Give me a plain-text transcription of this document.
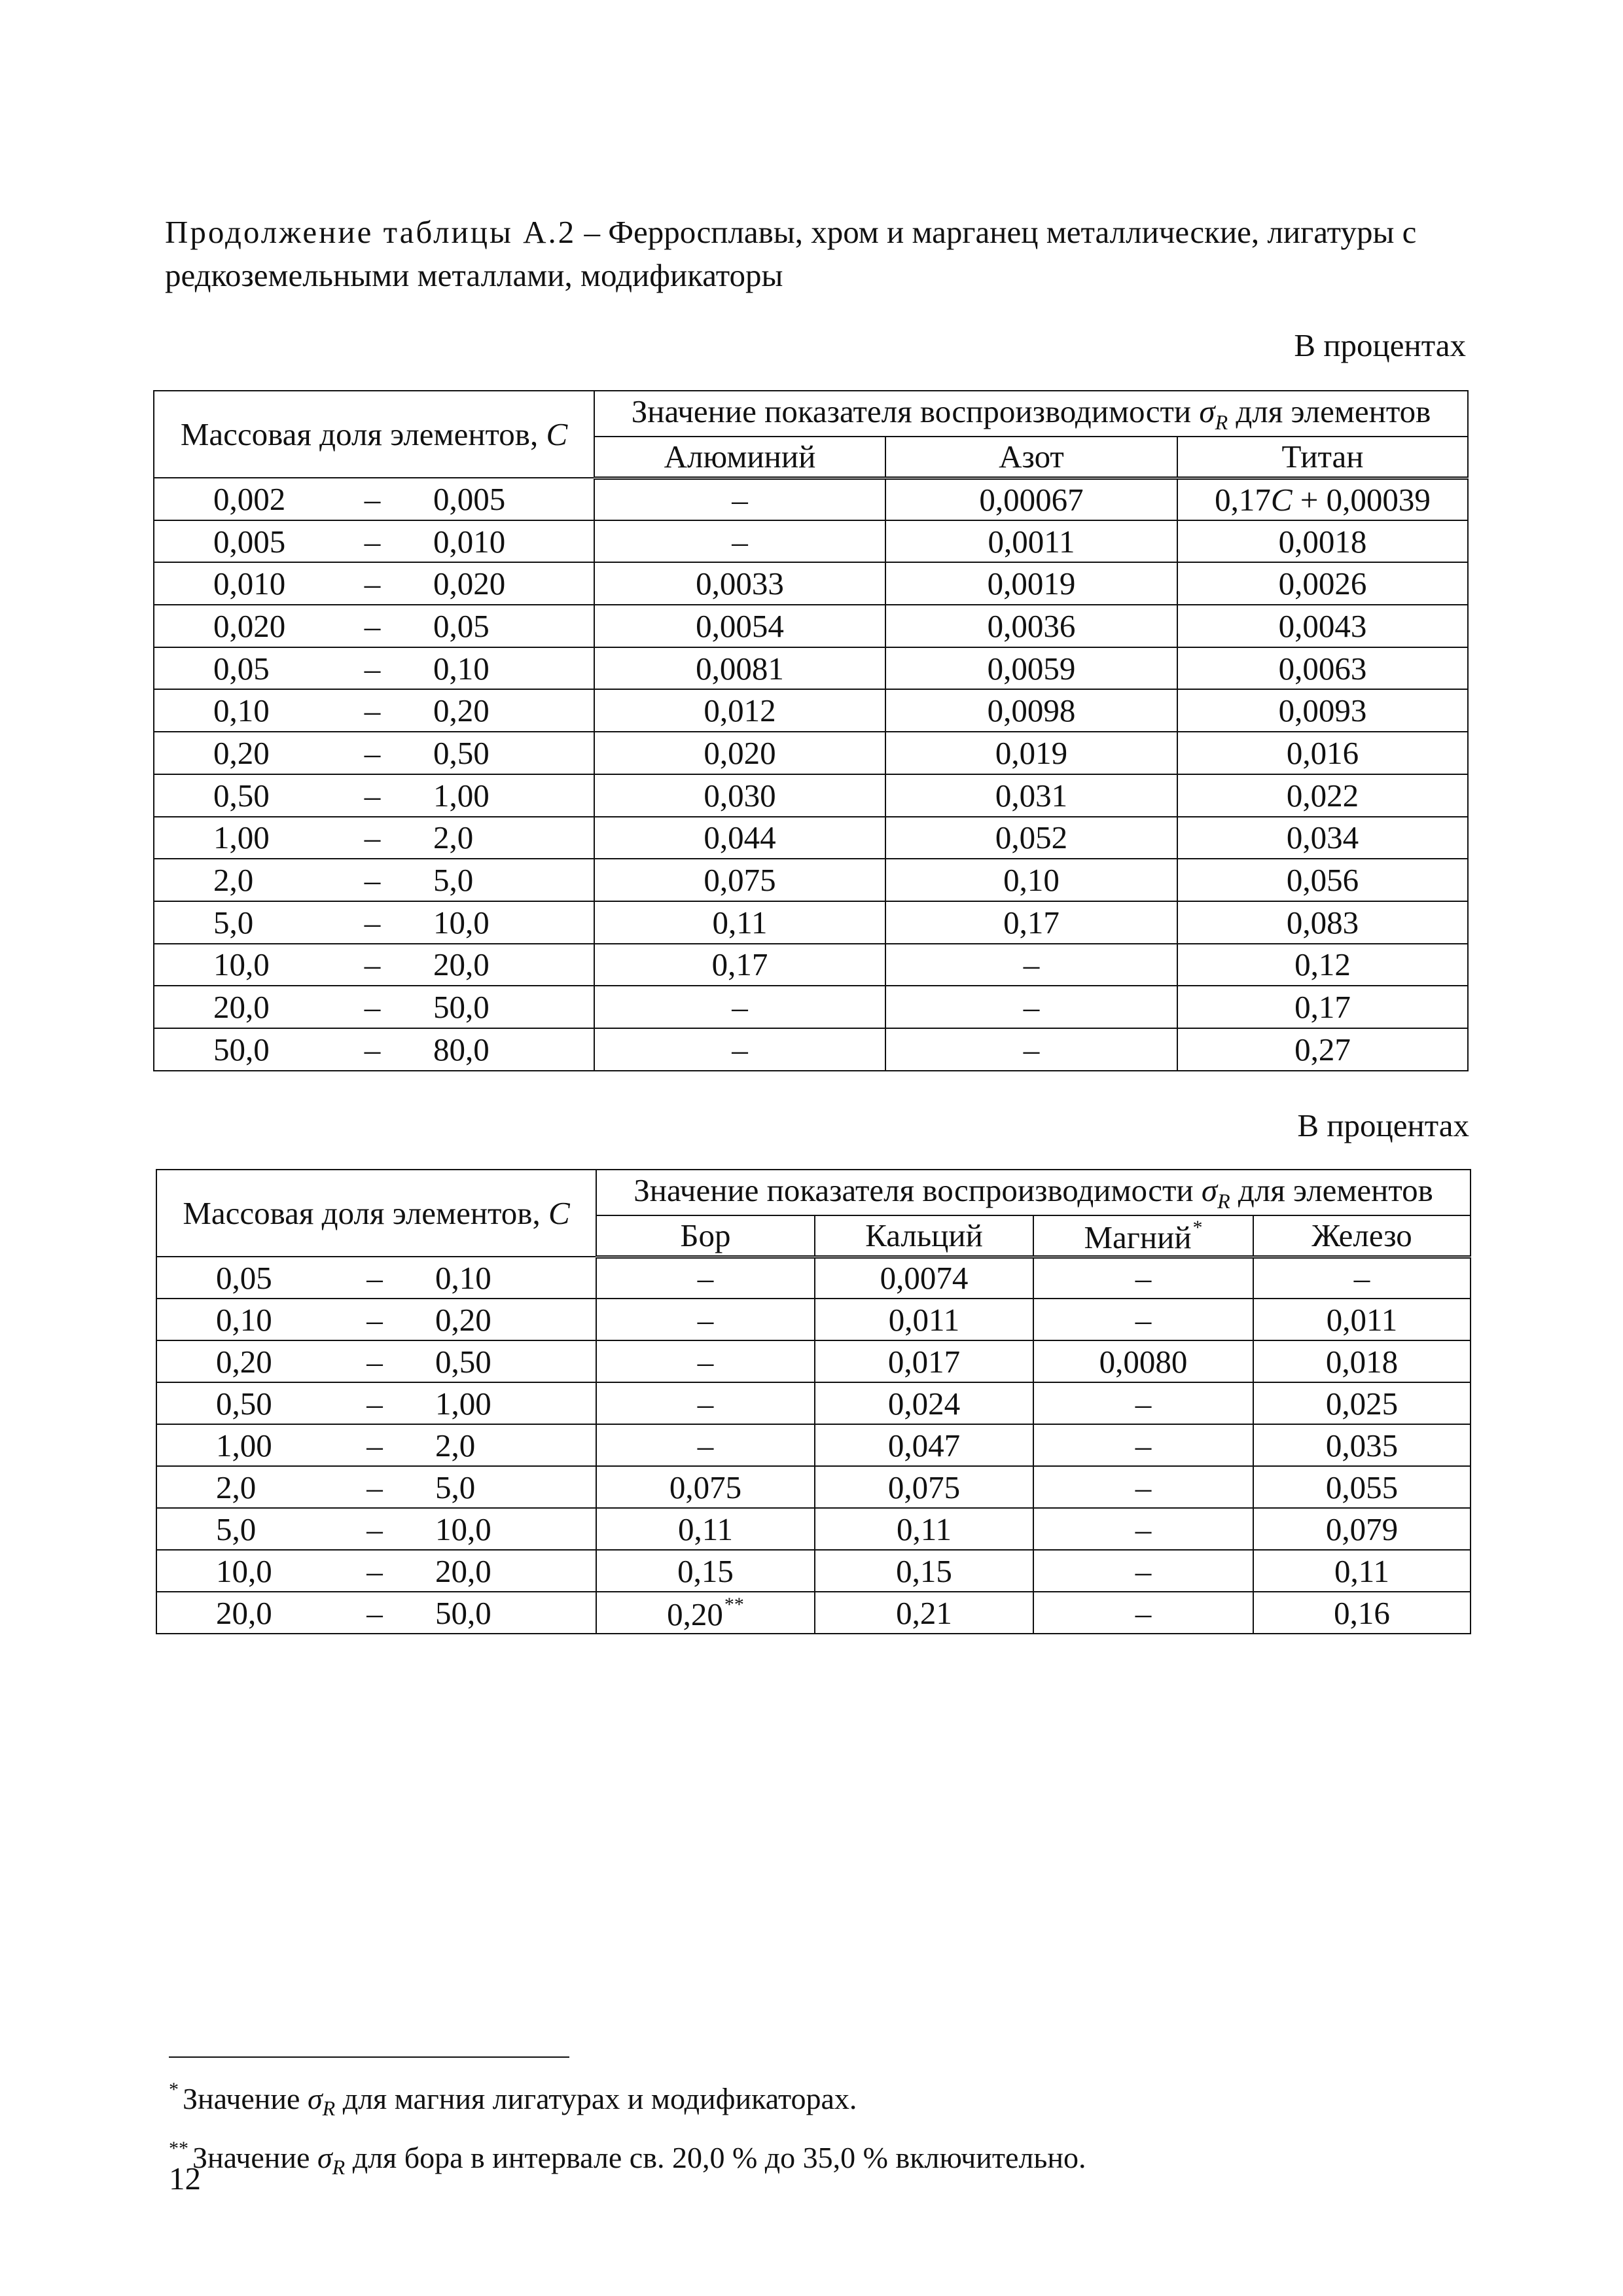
Продолжение таблицы А.2 – Ферросплавы, хром и марганец металлические, лигатуры с редкоземельными металлами, модификаторы
В процентах
Массовая доля элементов, C	Значение показателя воспроизводимости $\sigma_R$ для элементов		
	Алюминий	Азот	Титан

0,002 – 0,005	–	0,00067	0,17C + 0,00039

0,005 – 0,010	–	0,0011	0,0018

0,010 – 0,020	0,0033	0,0019	0,0026

0,020 – 0,05	0,0054	0,0036	0,0043

0,05 – 0,10	0,0081	0,0059	0,0063

0,10 – 0,20	0,012	0,0098	0,0093

0,20 – 0,50	0,020	0,019	0,016

0,50 – 1,00	0,030	0,031	0,022

1,00 – 2,0	0,044	0,052	0,034

2,0 – 5,0	0,075	0,10	0,056

5,0 – 10,0	0,11	0,17	0,083

10,0 – 20,0	0,17	–	0,12

20,0 – 50,0	–	–	0,17

50,0 – 80,0	–	–	0,27
В процентах
Массовая доля элементов, C	Значение показателя воспроизводимости $\sigma_R$ для элементов			
	Бор	Кальций	Магний*	Железо

0,05 – 0,10	–	0,0074	–	–

0,10 – 0,20	–	0,011	–	0,011

0,20 – 0,50	–	0,017	0,0080	0,018

0,50 – 1,00	–	0,024	–	0,025

1,00 – 2,0	–	0,047	–	0,035

2,0 – 5,0	0,075	0,075	–	0,055

5,0 – 10,0	0,11	0,11	–	0,079

10,0 – 20,0	0,15	0,15	–	0,11

20,0 – 50,0	0,20**	0,21	–	0,16
* Значение $\sigma_R$ для магния лигатурах и модификаторах.
** Значение $\sigma_R$ для бора в интервале св. 20,0 % до 35,0 % включительно.
12
